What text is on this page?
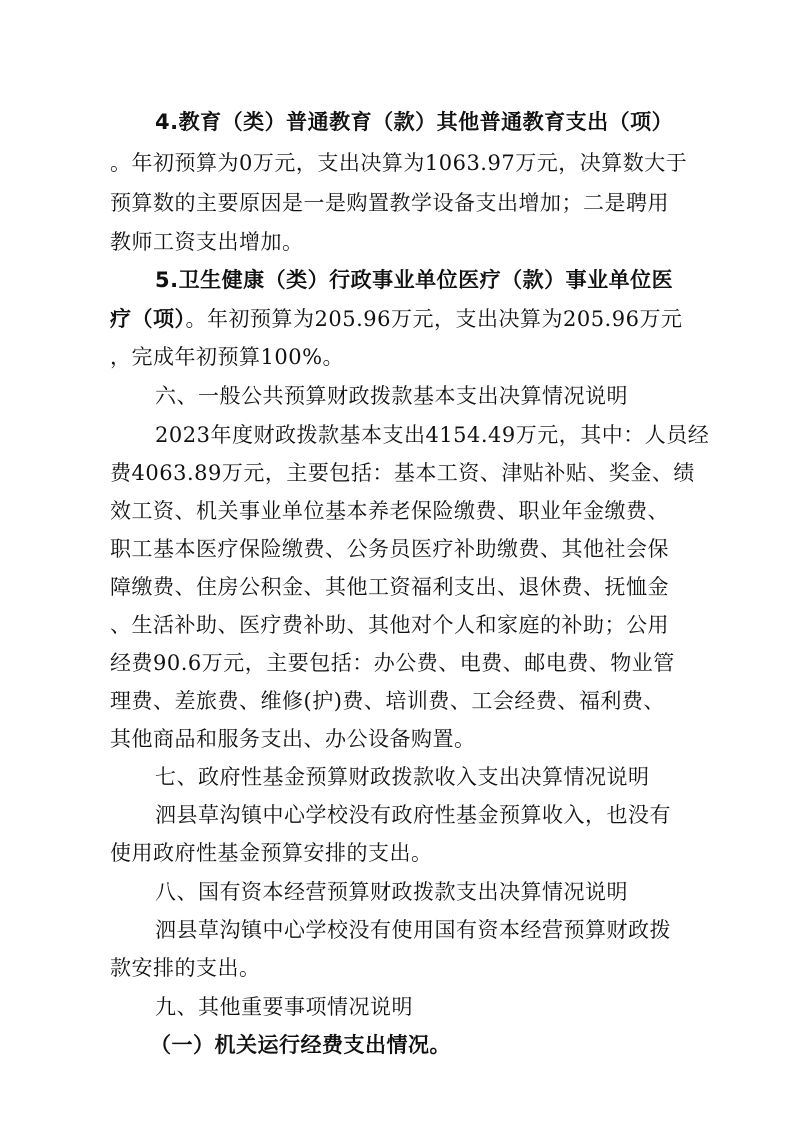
4.教育（类）普通教育（款）其他普通教育支出（项）
。年初预算为0万元，支出决算为1063.97万元，决算数大于
预算数的主要原因是一是购置教学设备支出增加；二是聘用
教师工资支出增加。
5.卫生健康（类）行政事业单位医疗（款）事业单位医
疗（项）。年初预算为205.96万元，支出决算为205.96万元
，完成年初预算100%。
六、一般公共预算财政拨款基本支出决算情况说明
2023年度财政拨款基本支出4154.49万元，其中：人员经
费4063.89万元，主要包括：基本工资、津贴补贴、奖金、绩
效工资、机关事业单位基本养老保险缴费、职业年金缴费、
职工基本医疗保险缴费、公务员医疗补助缴费、其他社会保
障缴费、住房公积金、其他工资福利支出、退休费、抚恤金
、生活补助、医疗费补助、其他对个人和家庭的补助；公用
经费90.6万元，主要包括：办公费、电费、邮电费、物业管
理费、差旅费、维修(护)费、培训费、工会经费、福利费、
其他商品和服务支出、办公设备购置。
七、政府性基金预算财政拨款收入支出决算情况说明
泗县草沟镇中心学校没有政府性基金预算收入，也没有
使用政府性基金预算安排的支出。
八、国有资本经营预算财政拨款支出决算情况说明
泗县草沟镇中心学校没有使用国有资本经营预算财政拨
款安排的支出。
九、其他重要事项情况说明
（一）机关运行经费支出情况。
